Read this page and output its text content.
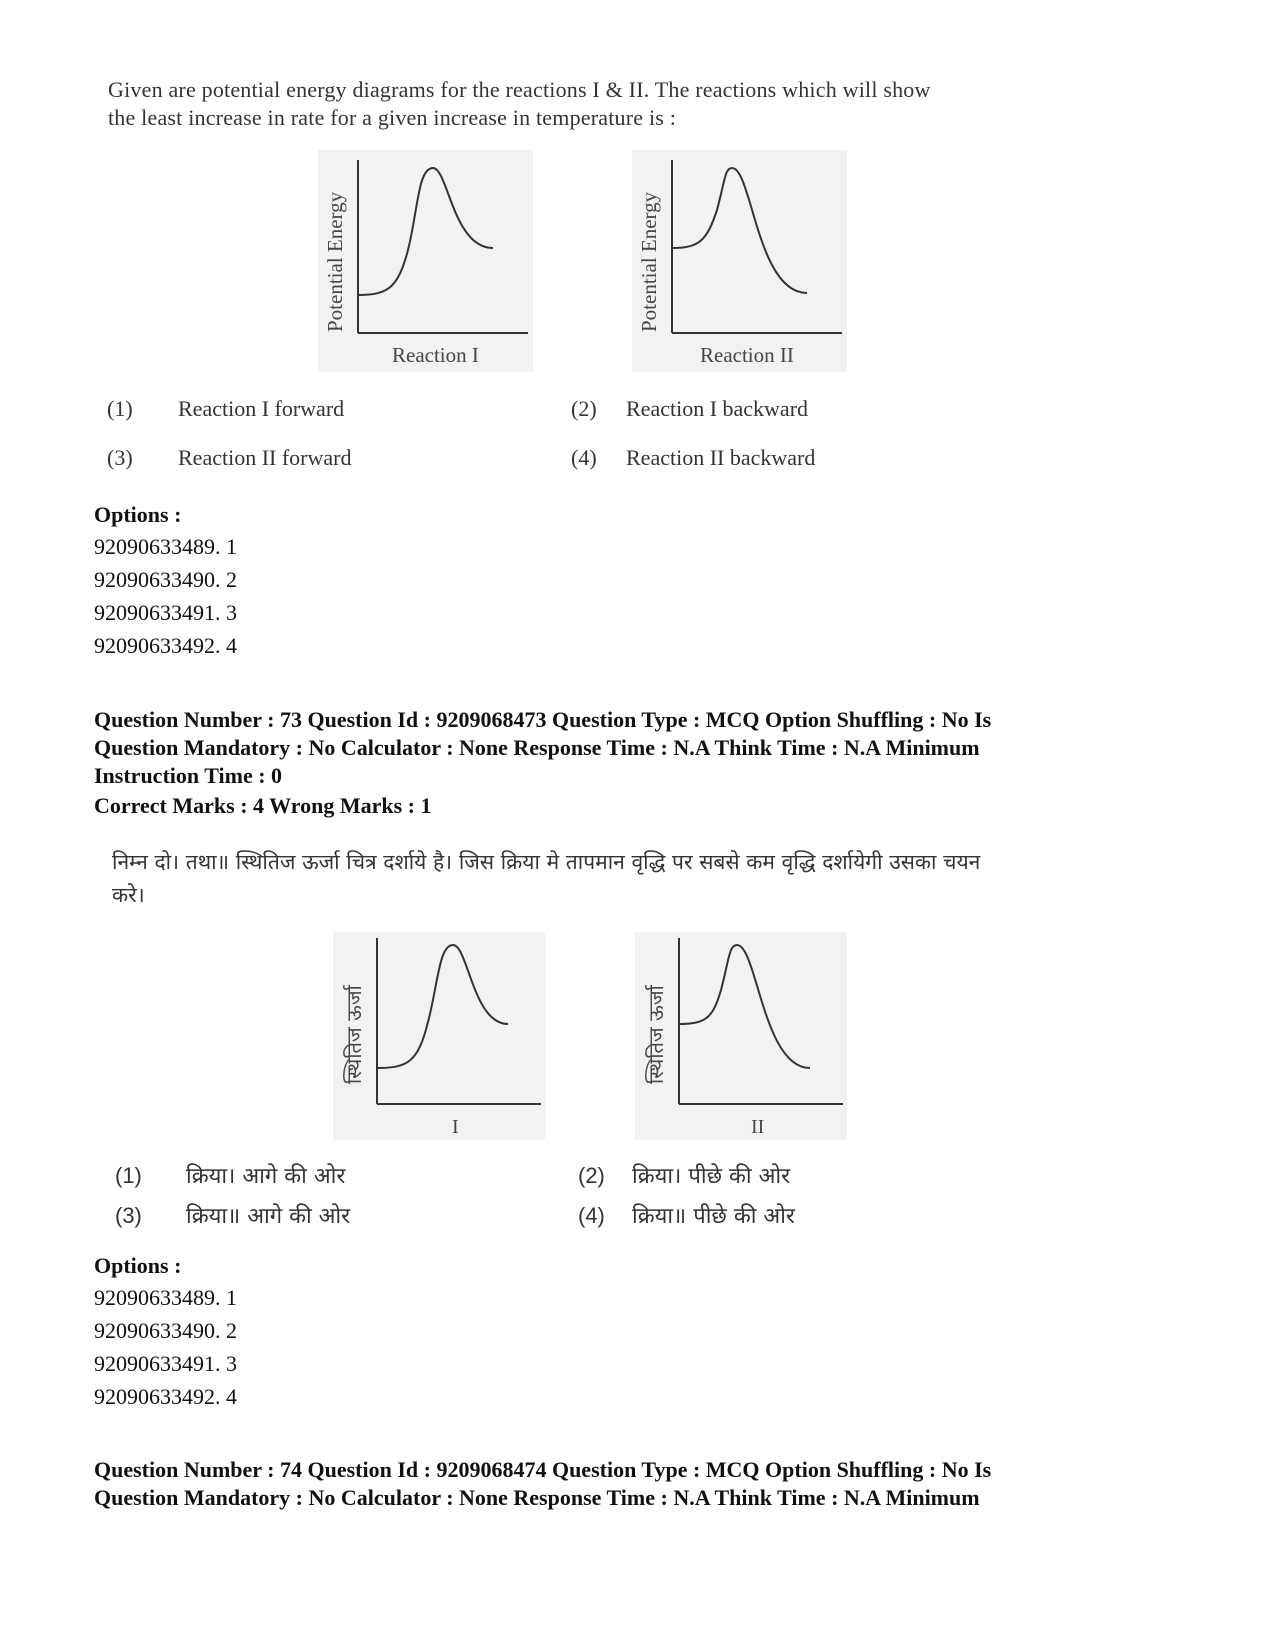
Given are potential energy diagrams for the reactions I & II. The reactions which will show
the least increase in rate for a given increase in temperature is :
Potential Energy
Reaction I
Potential Energy
Reaction II
(1) Reaction I forward	(2) Reaction I backward
(3) Reaction II forward	(4) Reaction II backward
Options :
92090633489. 1
92090633490. 2
92090633491. 3
92090633492. 4
Question Number : 73 Question Id : 9209068473 Question Type : MCQ Option Shuffling : No Is
Question Mandatory : No Calculator : None Response Time : N.A Think Time : N.A Minimum
Instruction Time : 0
Correct Marks : 4 Wrong Marks : 1
निम्न दो। तथा॥ स्थितिज ऊर्जा चित्र दर्शाये है। जिस क्रिया मे तापमान वृद्धि पर सबसे कम वृद्धि दर्शायेगी उसका चयन
करे।
स्थितिज ऊर्जा
I
स्थितिज ऊर्जा
II
(1) क्रिया। आगे की ओर	(2) क्रिया। पीछे की ओर
(3) क्रिया॥ आगे की ओर	(4) क्रिया॥ पीछे की ओर
Options :
92090633489. 1
92090633490. 2
92090633491. 3
92090633492. 4
Question Number : 74 Question Id : 9209068474 Question Type : MCQ Option Shuffling : No Is
Question Mandatory : No Calculator : None Response Time : N.A Think Time : N.A Minimum
